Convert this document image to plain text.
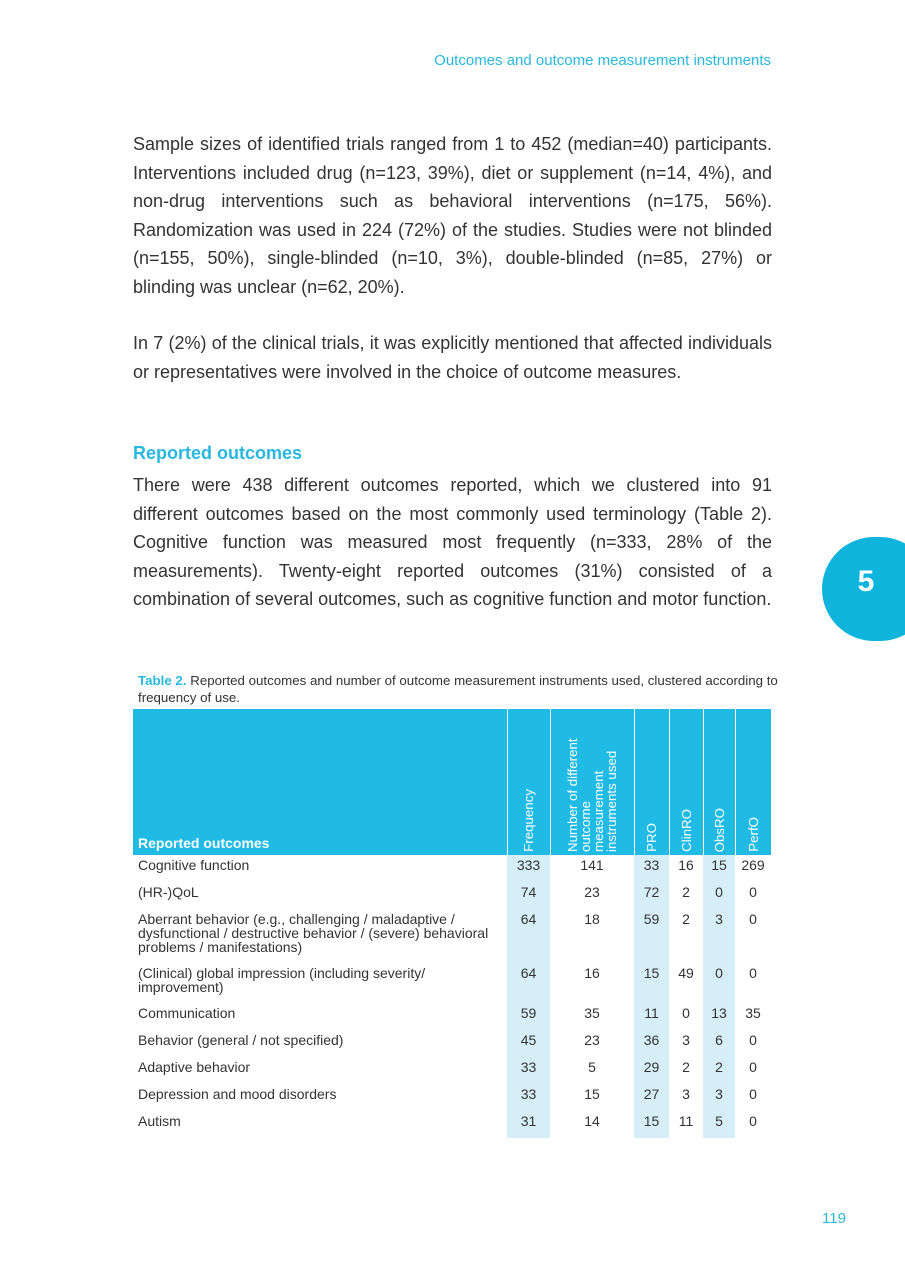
Outcomes and outcome measurement instruments

Sample sizes of identified trials ranged from 1 to 452 (median=40) participants. Interventions included drug (n=123, 39%), diet or supplement (n=14, 4%), and non-drug interventions such as behavioral interventions (n=175, 56%). Randomization was used in 224 (72%) of the studies. Studies were not blinded (n=155, 50%), single-blinded (n=10, 3%), double-blinded (n=85, 27%) or blinding was unclear (n=62, 20%).

In 7 (2%) of the clinical trials, it was explicitly mentioned that affected individuals or representatives were involved in the choice of outcome measures.

Reported outcomes

There were 438 different outcomes reported, which we clustered into 91 different outcomes based on the most commonly used terminology (Table 2). Cognitive function was measured most frequently (n=333, 28% of the measurements). Twenty-eight reported outcomes (31%) consisted of a combination of several outcomes, such as cognitive function and motor function.

5

Table 2. Reported outcomes and number of outcome measurement instruments used, clustered according to frequency of use.

Reported outcomes	Frequency	Number of different outcome measurement instruments used	PRO	ClinRO	ObsRO	PerfO
Cognitive function	333	141	33	16	15	269
(HR-)QoL	74	23	72	2	0	0
Aberrant behavior (e.g., challenging / maladaptive / dysfunctional / destructive behavior / (severe) behavioral problems / manifestations)	64	18	59	2	3	0
(Clinical) global impression (including severity/ improvement)	64	16	15	49	0	0
Communication	59	35	11	0	13	35
Behavior (general / not specified)	45	23	36	3	6	0
Adaptive behavior	33	5	29	2	2	0
Depression and mood disorders	33	15	27	3	3	0
Autism	31	14	15	11	5	0
119
